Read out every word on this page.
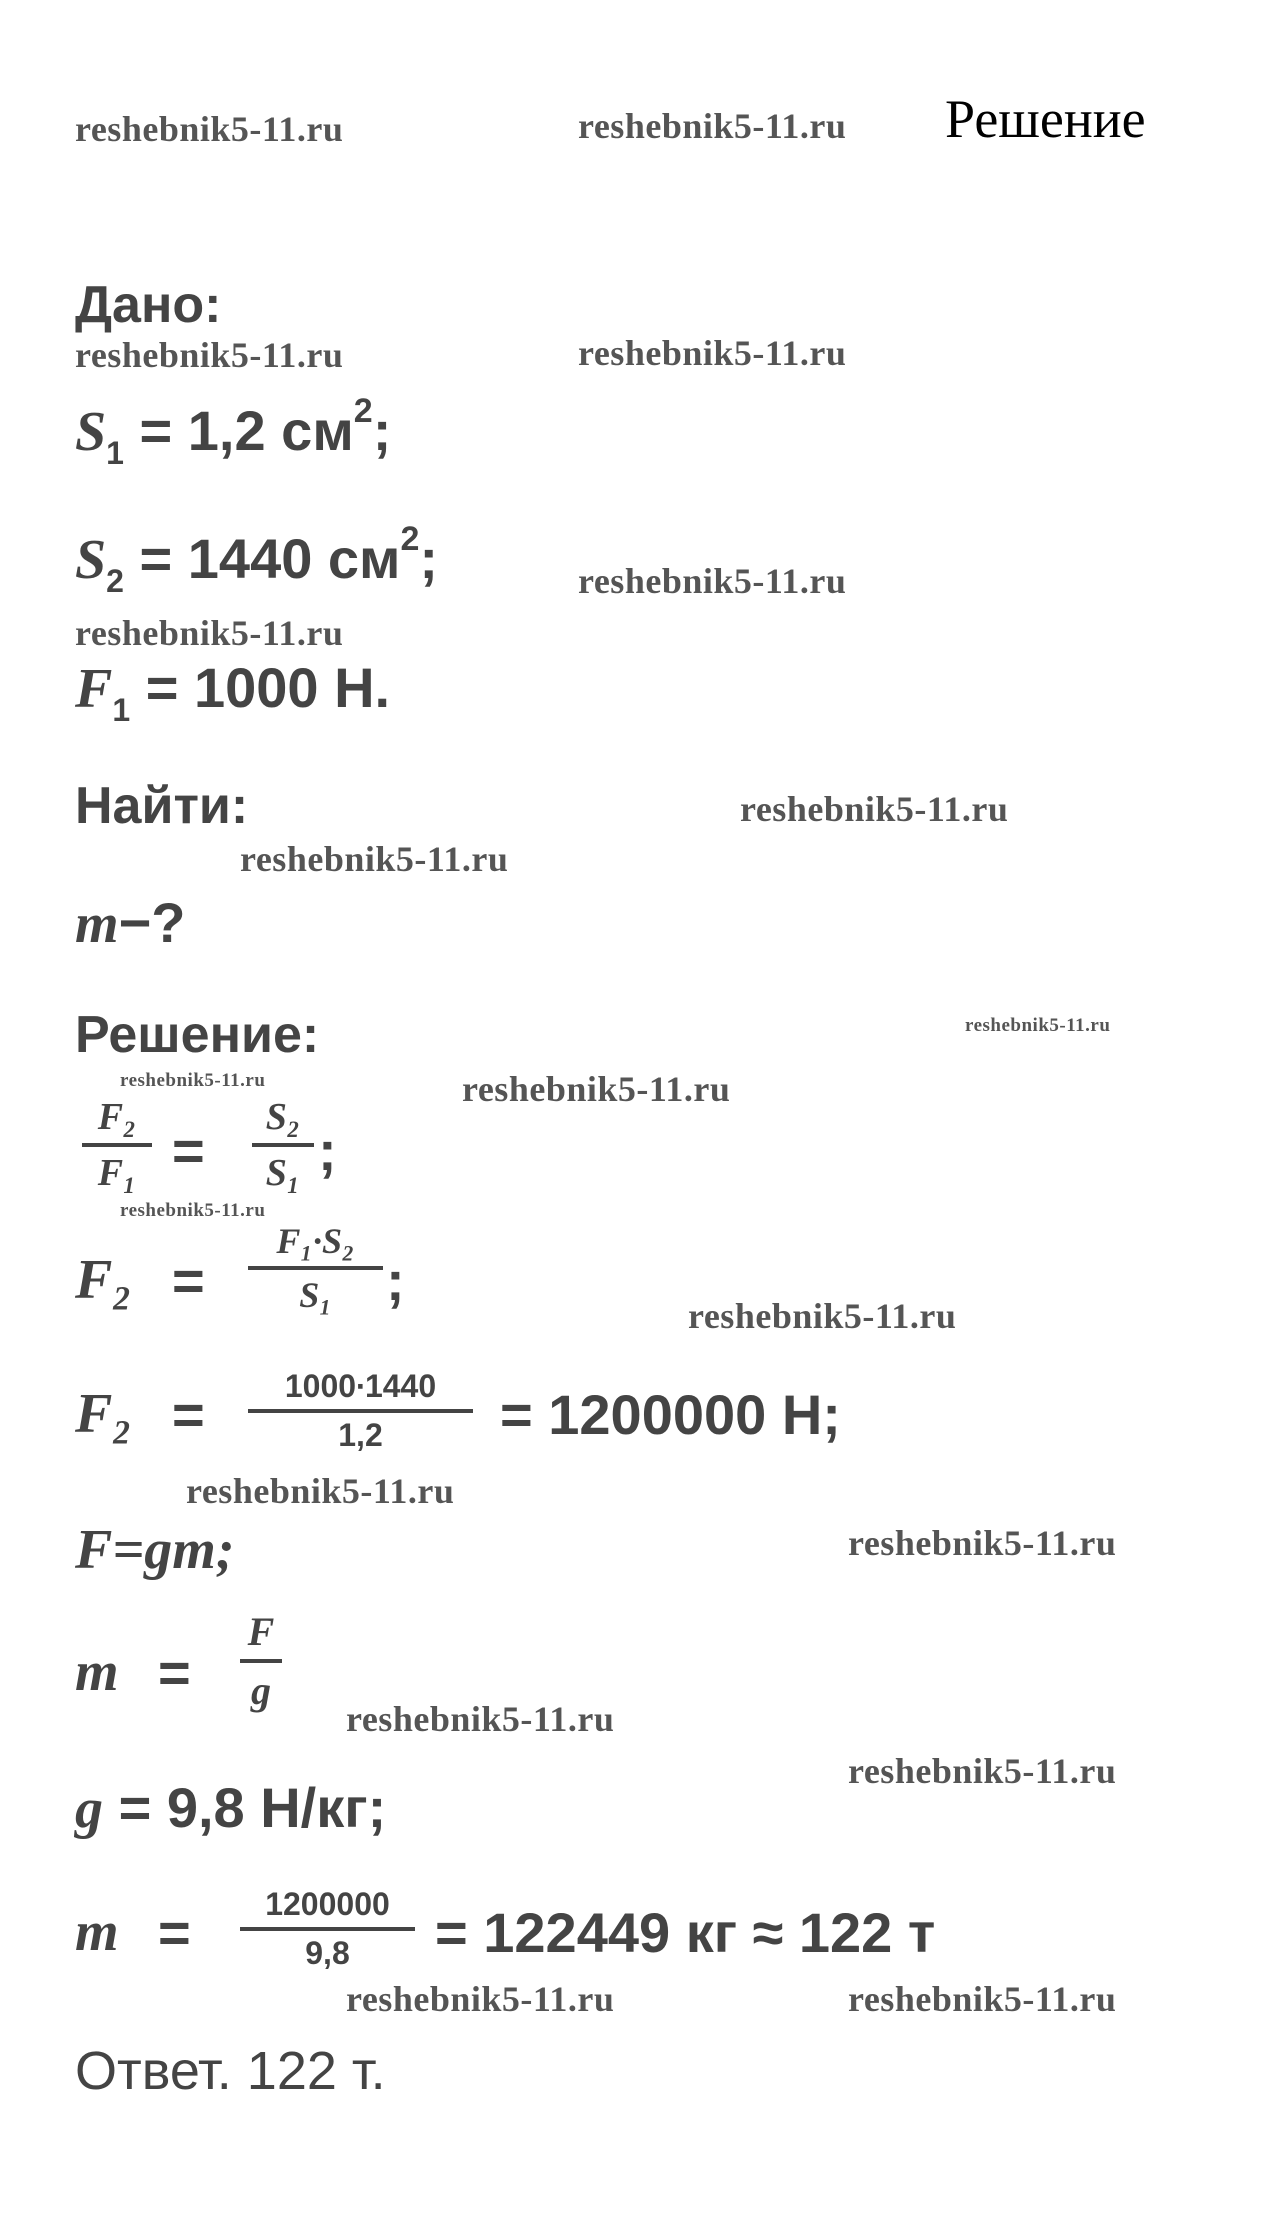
Решение
reshebnik5-11.ru	reshebnik5-11.ru
reshebnik5-11.ru	reshebnik5-11.ru
reshebnik5-11.ru
reshebnik5-11.ru
reshebnik5-11.ru
reshebnik5-11.ru
reshebnik5-11.ru
reshebnik5-11.ru
reshebnik5-11.ru
reshebnik5-11.ru
reshebnik5-11.ru
reshebnik5-11.ru
reshebnik5-11.ru
reshebnik5-11.ru
reshebnik5-11.ru
reshebnik5-11.ru	reshebnik5-11.ru
Дано:
$S_1 = 1,2$ $см^2$;
$S_2 = 1440$ $см^2$;
$F_1 = 1000$ Н.
Найти:
m−?
Решение:
F₂
F₁ =
S₂
S₁ ;
F₂ =
F₁∙S₂
S₁ ;
F₂ =	1000∙1440
1,2 = 1200000 Н;
F=gm;
m =
F
g
g = 9,8 Н/кг;
m = 1200000
9,8 = 122449 кг ≈ 122 т
Ответ. 122 т.
